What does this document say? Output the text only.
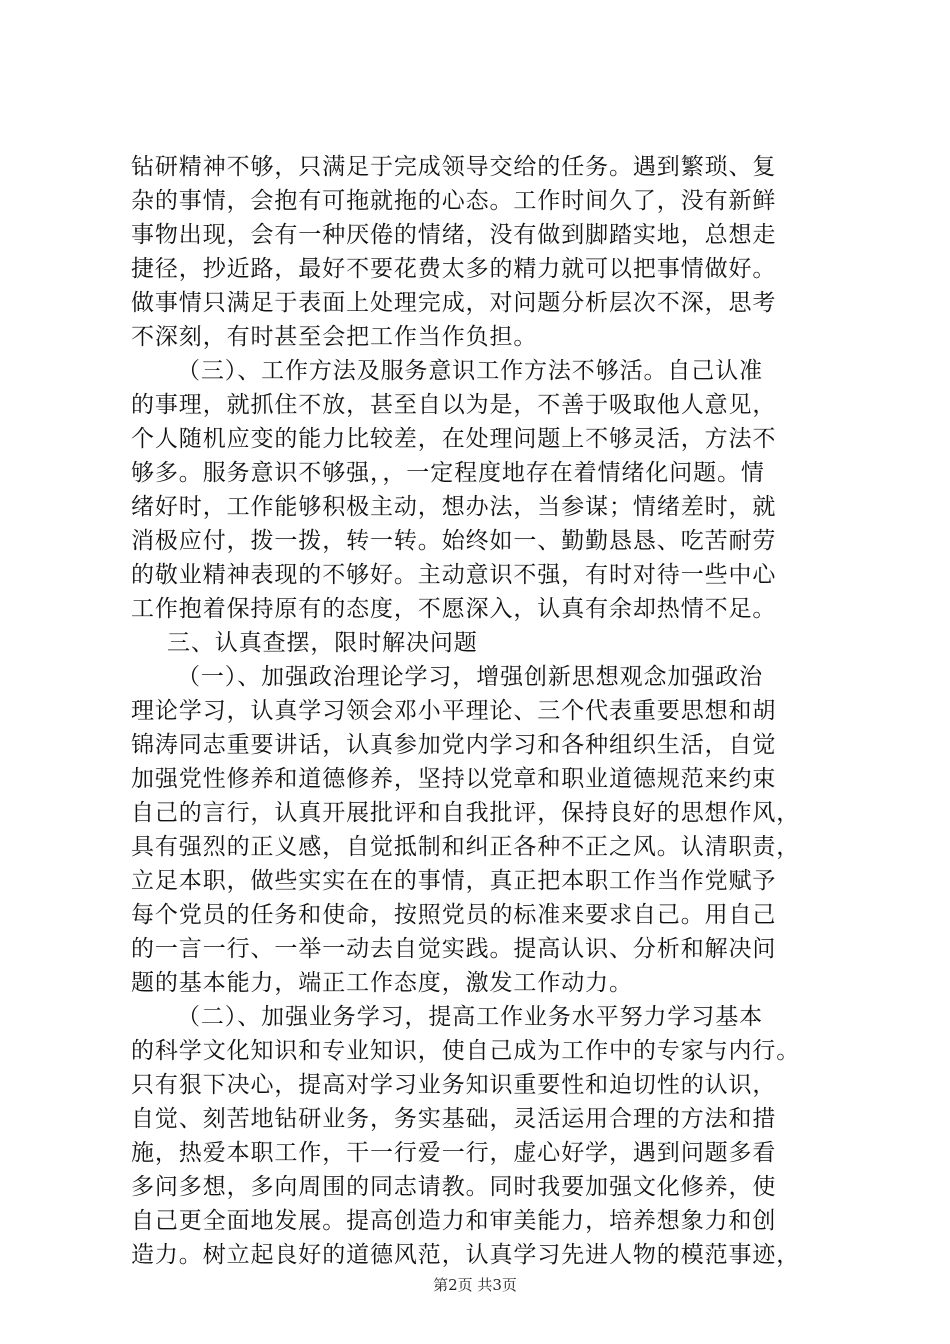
钻研精神不够，只满足于完成领导交给的任务。遇到繁琐、复
杂的事情，会抱有可拖就拖的心态。工作时间久了，没有新鲜
事物出现，会有一种厌倦的情绪，没有做到脚踏实地，总想走
捷径，抄近路，最好不要花费太多的精力就可以把事情做好。
做事情只满足于表面上处理完成，对问题分析层次不深，思考
不深刻，有时甚至会把工作当作负担。
（三）、工作方法及服务意识工作方法不够活。自己认准
的事理，就抓住不放，甚至自以为是，不善于吸取他人意见，
个人随机应变的能力比较差，在处理问题上不够灵活，方法不
够多。服务意识不够强，，一定程度地存在着情绪化问题。情
绪好时，工作能够积极主动，想办法，当参谋；情绪差时，就
消极应付，拨一拨，转一转。始终如一、勤勤恳恳、吃苦耐劳
的敬业精神表现的不够好。主动意识不强，有时对待一些中心
工作抱着保持原有的态度，不愿深入，认真有余却热情不足。
三、认真查摆，限时解决问题
（一）、加强政治理论学习，增强创新思想观念加强政治
理论学习，认真学习领会邓小平理论、三个代表重要思想和胡
锦涛同志重要讲话，认真参加党内学习和各种组织生活，自觉
加强党性修养和道德修养，坚持以党章和职业道德规范来约束
自己的言行，认真开展批评和自我批评，保持良好的思想作风，
具有强烈的正义感，自觉抵制和纠正各种不正之风。认清职责，
立足本职，做些实实在在的事情，真正把本职工作当作党赋予
每个党员的任务和使命，按照党员的标准来要求自己。用自己
的一言一行、一举一动去自觉实践。提高认识、分析和解决问
题的基本能力，端正工作态度，激发工作动力。
（二）、加强业务学习，提高工作业务水平努力学习基本
的科学文化知识和专业知识，使自己成为工作中的专家与内行。
只有狠下决心，提高对学习业务知识重要性和迫切性的认识，
自觉、刻苦地钻研业务，务实基础，灵活运用合理的方法和措
施，热爱本职工作，干一行爱一行，虚心好学，遇到问题多看
多问多想，多向周围的同志请教。同时我要加强文化修养，使
自己更全面地发展。提高创造力和审美能力，培养想象力和创
造力。树立起良好的道德风范，认真学习先进人物的模范事迹，
第2页 共3页
